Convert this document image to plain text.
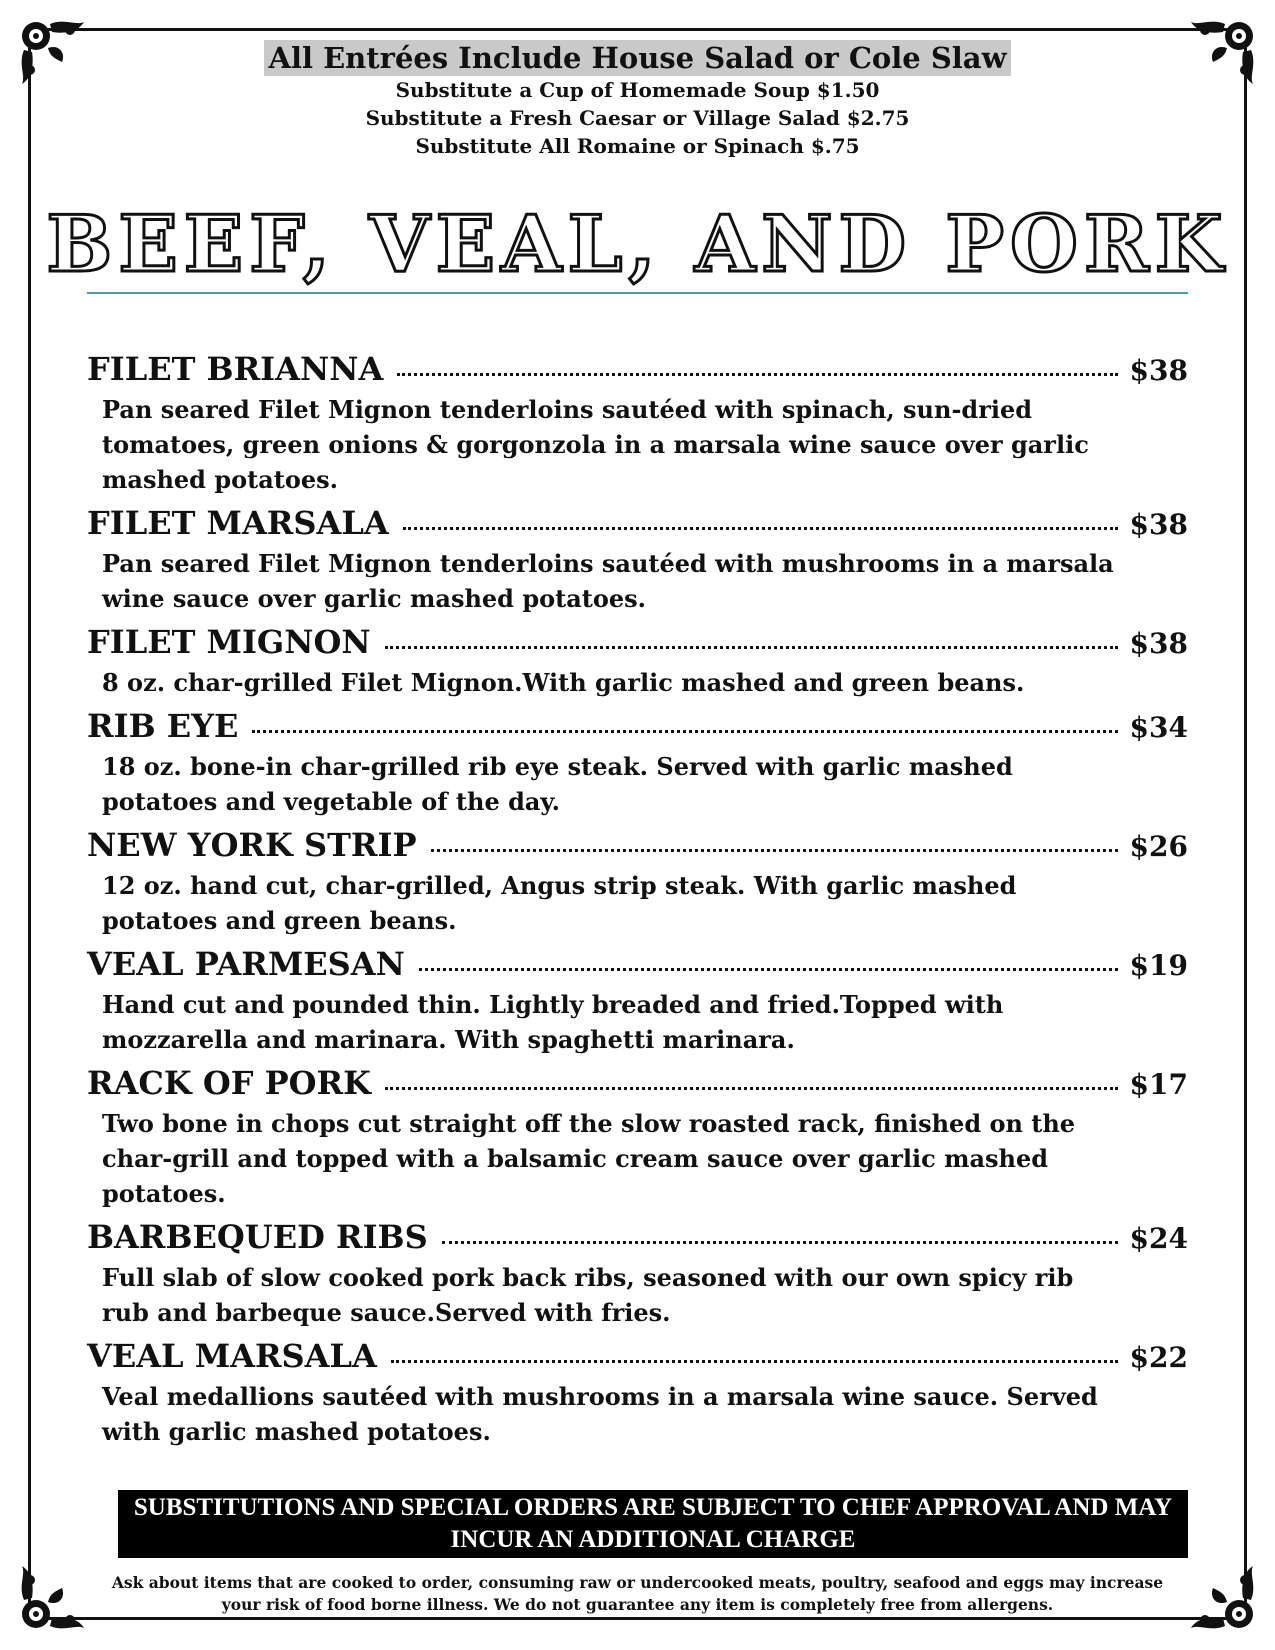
All Entrées Include House Salad or Cole Slaw

Substitute a Cup of Homemade Soup $1.50

Substitute a Fresh Caesar or Village Salad $2.75

Substitute All Romaine or Spinach $.75

BEEF, VEAL, AND PORK
FILET BRIANNA	$38
Pan seared Filet Mignon tenderloins sautéed with spinach, sun-dried tomatoes, green onions & gorgonzola in a marsala wine sauce over garlic mashed potatoes.
FILET MARSALA	$38
Pan seared Filet Mignon tenderloins sautéed with mushrooms in a marsala wine sauce over garlic mashed potatoes.
FILET MIGNON	$38
8 oz. char-grilled Filet Mignon.With garlic mashed and green beans.
RIB EYE	$34
18 oz. bone-in char-grilled rib eye steak. Served with garlic mashed potatoes and vegetable of the day.
NEW YORK STRIP	$26
12 oz. hand cut, char-grilled, Angus strip steak. With garlic mashed potatoes and green beans.
VEAL PARMESAN	$19
Hand cut and pounded thin. Lightly breaded and fried.Topped with mozzarella and marinara. With spaghetti marinara.
RACK OF PORK	$17
Two bone in chops cut straight off the slow roasted rack, finished on the char-grill and topped with a balsamic cream sauce over garlic mashed potatoes.
BARBEQUED RIBS	$24
Full slab of slow cooked pork back ribs, seasoned with our own spicy rib rub and barbeque sauce.Served with fries.
VEAL MARSALA	$22
Veal medallions sautéed with mushrooms in a marsala wine sauce. Served with garlic mashed potatoes.
SUBSTITUTIONS AND SPECIAL ORDERS ARE SUBJECT TO CHEF APPROVAL AND MAY INCUR AN ADDITIONAL CHARGE
Ask about items that are cooked to order, consuming raw or undercooked meats, poultry, seafood and eggs may increase your risk of food borne illness. We do not guarantee any item is completely free from allergens.
